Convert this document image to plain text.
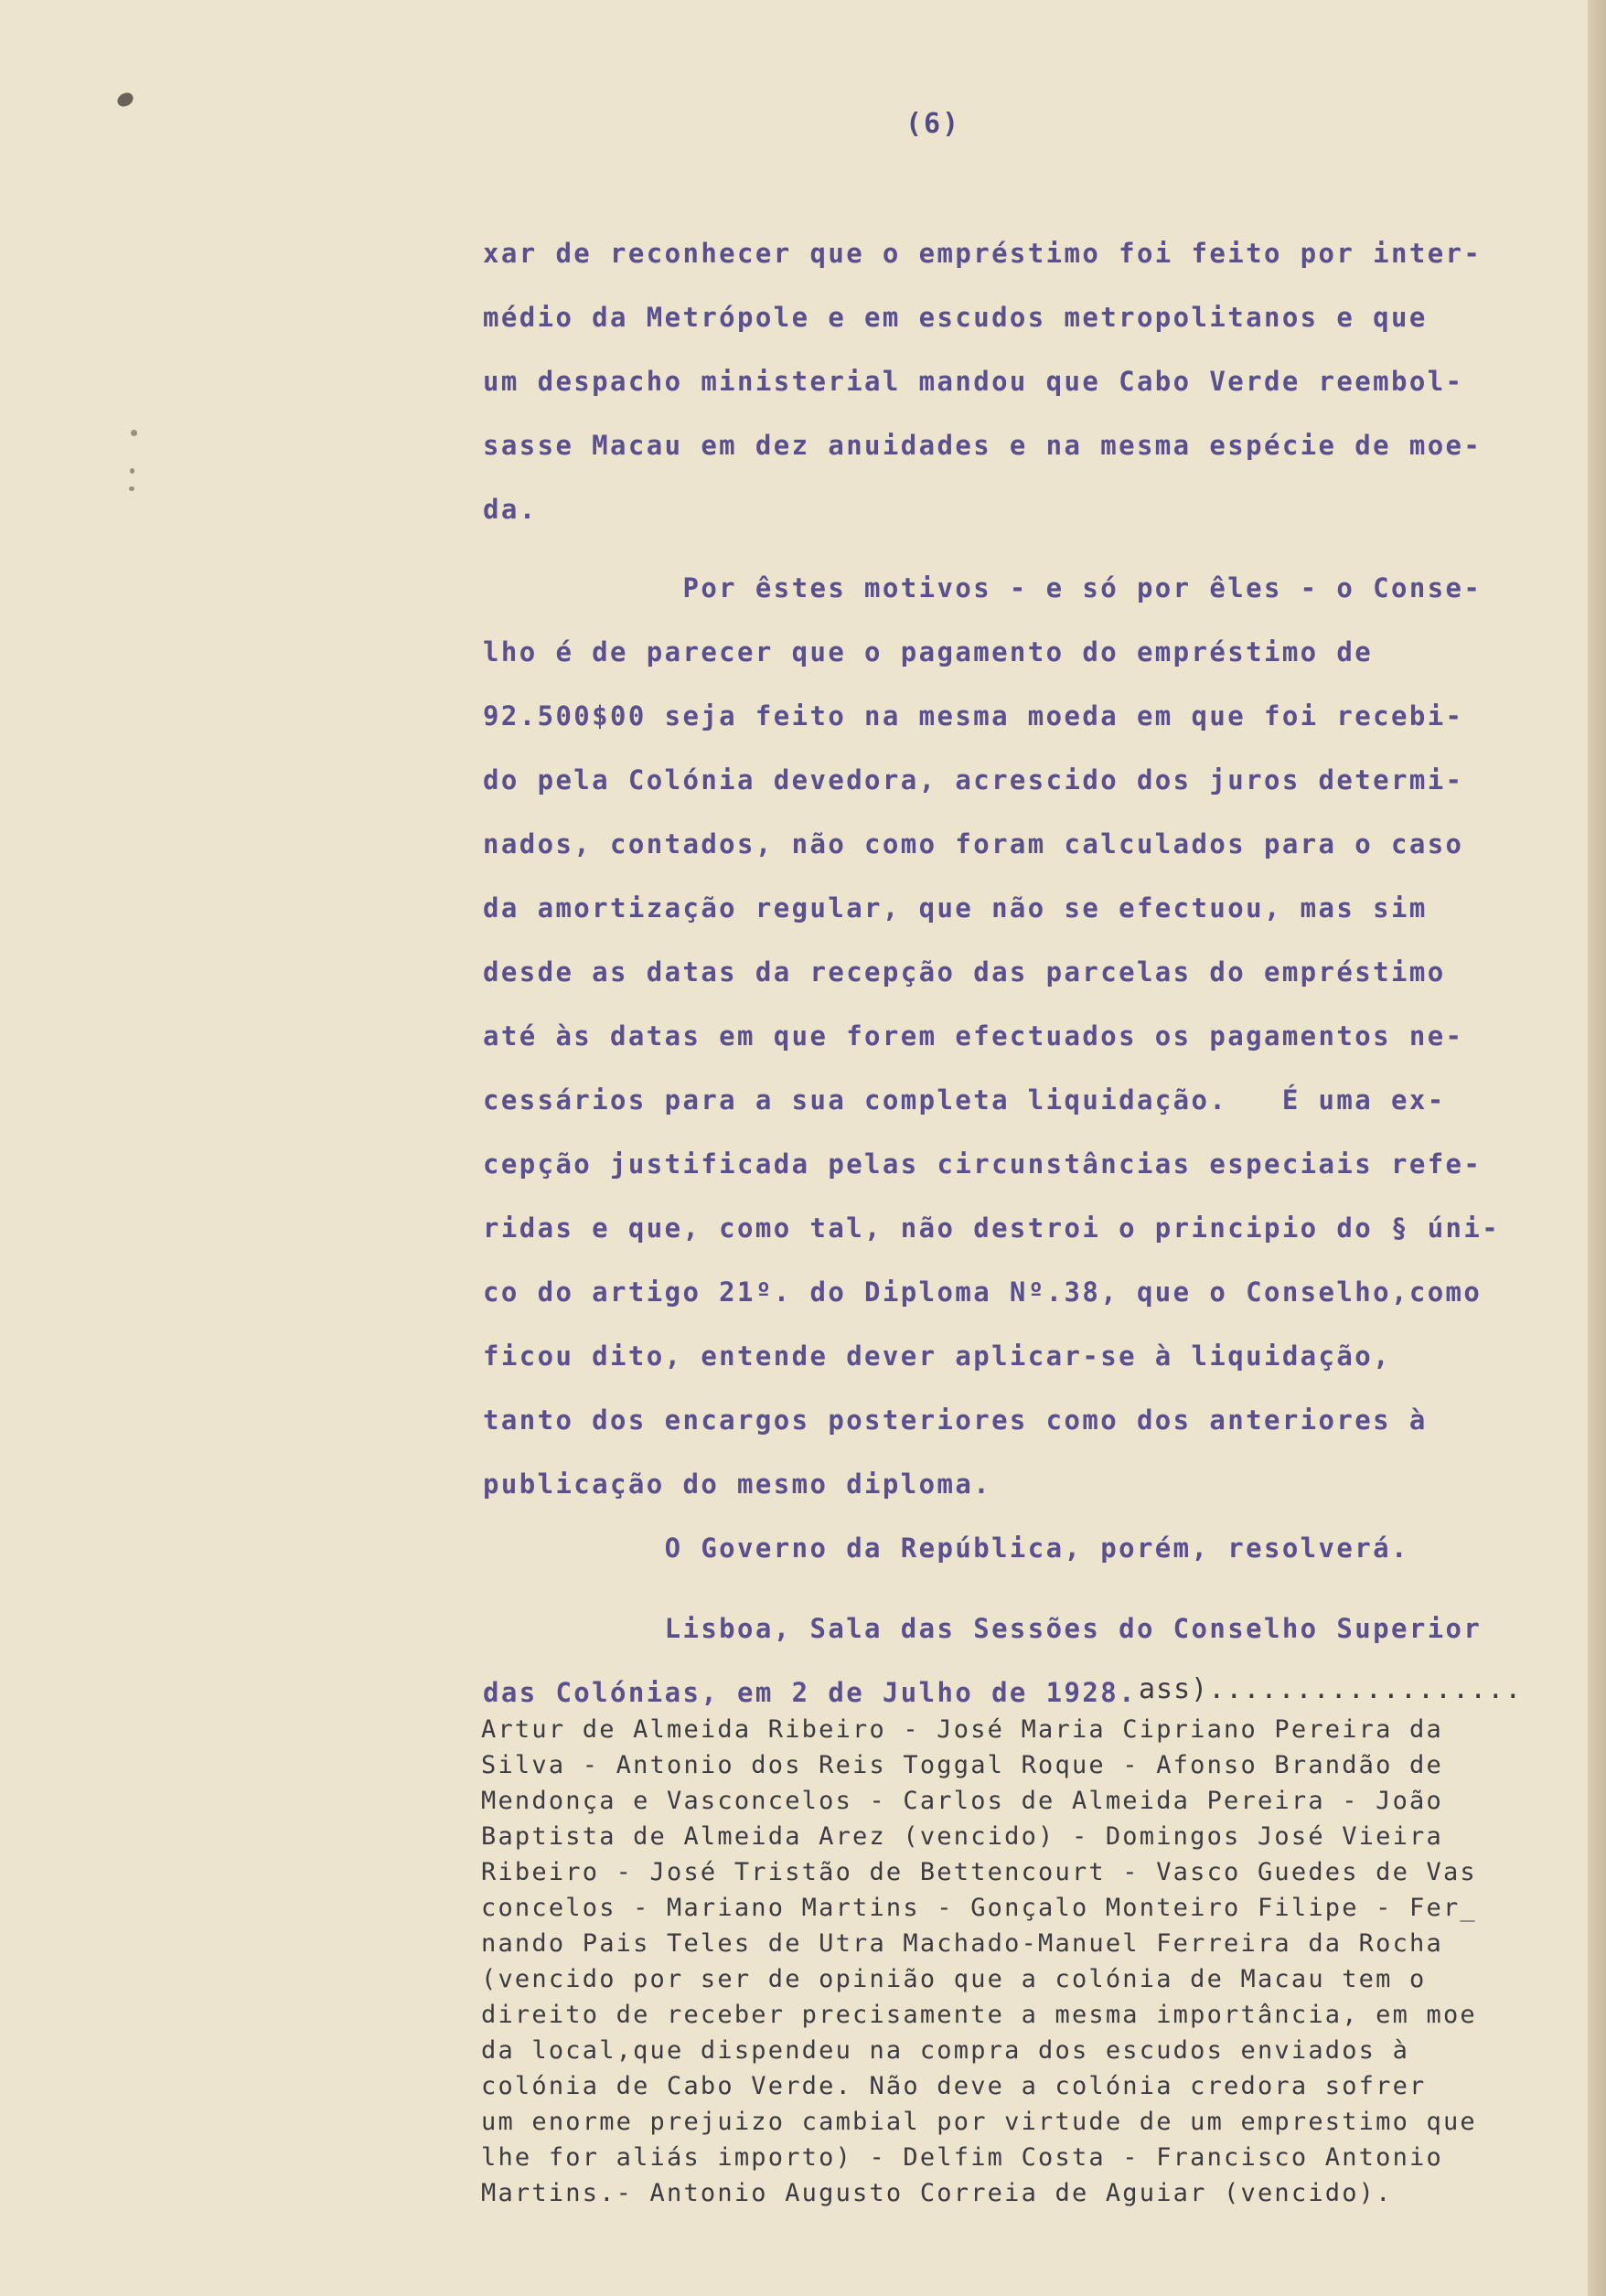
(6)
xar de reconhecer que o empréstimo foi feito por inter-
médio da Metrópole e em escudos metropolitanos e que
um despacho ministerial mandou que Cabo Verde reembol-
sasse Macau em dez anuidades e na mesma espécie de moe-
da.
Por êstes motivos - e só por êles - o Conse-
lho é de parecer que o pagamento do empréstimo de
92.500$00 seja feito na mesma moeda em que foi recebi-
do pela Colónia devedora, acrescido dos juros determi-
nados, contados, não como foram calculados para o caso
da amortização regular, que não se efectuou, mas sim
desde as datas da recepção das parcelas do empréstimo
até às datas em que forem efectuados os pagamentos ne-
cessários para a sua completa liquidação.   É uma ex-
cepção justificada pelas circunstâncias especiais refe-
ridas e que, como tal, não destroi o principio do § úni-
co do artigo 21º. do Diploma Nº.38, que o Conselho,como
ficou dito, entende dever aplicar-se à liquidação,
tanto dos encargos posteriores como dos anteriores à
publicação do mesmo diploma.
O Governo da República, porém, resolverá.
Lisboa, Sala das Sessões do Conselho Superior
das Colónias, em 2 de Julho de 1928. ass)..................
Artur de Almeida Ribeiro - José Maria Cipriano Pereira da
Silva - Antonio dos Reis Toggal Roque - Afonso Brandão de
Mendonça e Vasconcelos - Carlos de Almeida Pereira - João
Baptista de Almeida Arez (vencido) - Domingos José Vieira
Ribeiro - José Tristão de Bettencourt - Vasco Guedes de Vas
concelos - Mariano Martins - Gonçalo Monteiro Filipe - Fer_
nando Pais Teles de Utra Machado-Manuel Ferreira da Rocha
(vencido por ser de opinião que a colónia de Macau tem o
direito de receber precisamente a mesma importância, em moe
da local,que dispendeu na compra dos escudos enviados à
colónia de Cabo Verde. Não deve a colónia credora sofrer
um enorme prejuizo cambial por virtude de um emprestimo que
lhe for aliás importo) - Delfim Costa - Francisco Antonio
Martins.- Antonio Augusto Correia de Aguiar (vencido).
